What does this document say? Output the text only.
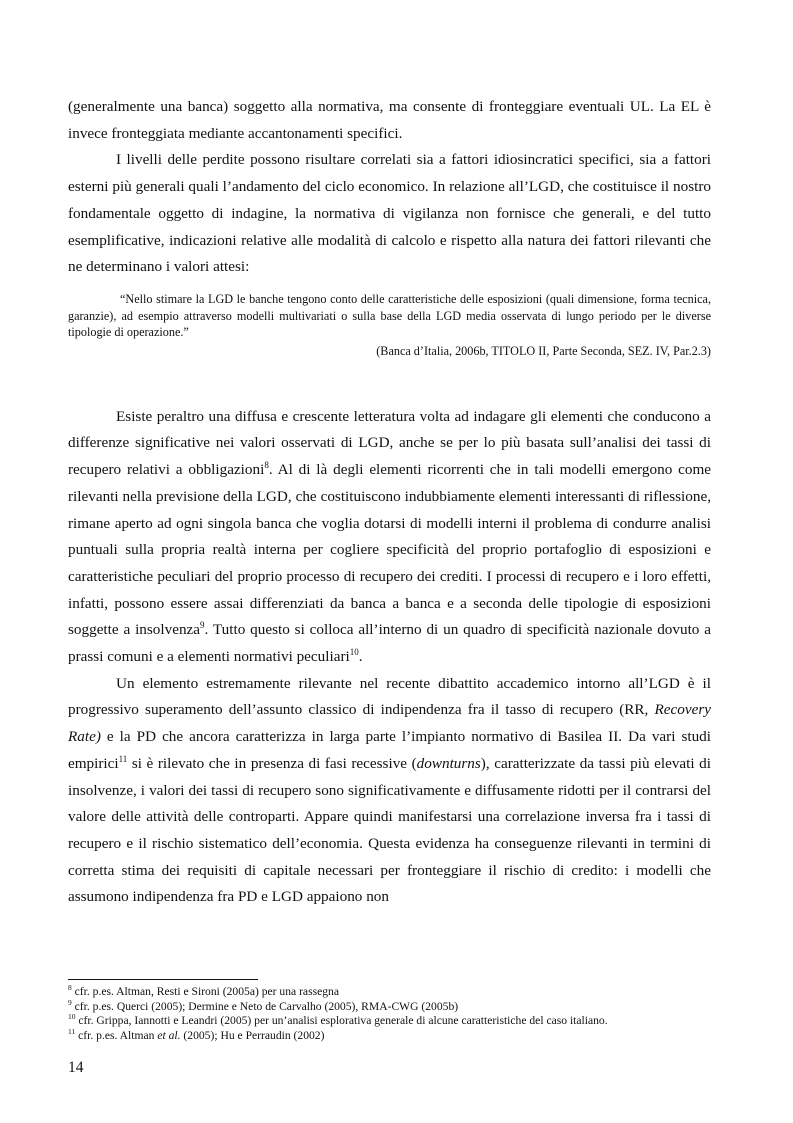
(generalmente una banca) soggetto alla normativa, ma consente di fronteggiare eventuali UL. La EL è invece fronteggiata mediante accantonamenti specifici.

I livelli delle perdite possono risultare correlati sia a fattori idiosincratici specifici, sia a fattori esterni più generali quali l’andamento del ciclo economico. In relazione all’LGD, che costituisce il nostro fondamentale oggetto di indagine, la normativa di vigilanza non fornisce che generali, e del tutto esemplificative, indicazioni relative alle modalità di calcolo e rispetto alla natura dei fattori rilevanti che ne determinano i valori attesi:

“Nello stimare la LGD le banche tengono conto delle caratteristiche delle esposizioni (quali dimensione, forma tecnica, garanzie), ad esempio attraverso modelli multivariati o sulla base della LGD media osservata di lungo periodo per le diverse tipologie di operazione.”
(Banca d’Italia, 2006b, TITOLO II, Parte Seconda, SEZ. IV, Par.2.3)

Esiste peraltro una diffusa e crescente letteratura volta ad indagare gli elementi che conducono a differenze significative nei valori osservati di LGD, anche se per lo più basata sull’analisi dei tassi di recupero relativi a obbligazioni$^8$. Al di là degli elementi ricorrenti che in tali modelli emergono come rilevanti nella previsione della LGD, che costituiscono indubbiamente elementi interessanti di riflessione, rimane aperto ad ogni singola banca che voglia dotarsi di modelli interni il problema di condurre analisi puntuali sulla propria realtà interna per cogliere specificità del proprio portafoglio di esposizioni e caratteristiche peculiari del proprio processo di recupero dei crediti. I processi di recupero e i loro effetti, infatti, possono essere assai differenziati da banca a banca e a seconda delle tipologie di esposizioni soggette a insolvenza$^9$. Tutto questo si colloca all’interno di un quadro di specificità nazionale dovuto a prassi comuni e a elementi normativi peculiari$^{10}$.

Un elemento estremamente rilevante nel recente dibattito accademico intorno all’LGD è il progressivo superamento dell’assunto classico di indipendenza fra il tasso di recupero (RR, Recovery Rate) e la PD che ancora caratterizza in larga parte l’impianto normativo di Basilea II. Da vari studi empirici$^{11}$ si è rilevato che in presenza di fasi recessive (downturns), caratterizzate da tassi più elevati di insolvenze, i valori dei tassi di recupero sono significativamente e diffusamente ridotti per il contrarsi del valore delle attività delle controparti. Appare quindi manifestarsi una correlazione inversa fra i tassi di recupero e il rischio sistematico dell’economia. Questa evidenza ha conseguenze rilevanti in termini di corretta stima dei requisiti di capitale necessari per fronteggiare il rischio di credito: i modelli che assumono indipendenza fra PD e LGD appaiono non

$^8$ cfr. p.es. Altman, Resti e Sironi (2005a) per una rassegna
$^9$ cfr. p.es. Querci (2005); Dermine e Neto de Carvalho (2005), RMA-CWG (2005b)
$^{10}$ cfr. Grippa, Iannotti e Leandri (2005) per un’analisi esplorativa generale di alcune caratteristiche del caso italiano.
$^{11}$ cfr. p.es. Altman et al. (2005); Hu e Perraudin (2002)
14
